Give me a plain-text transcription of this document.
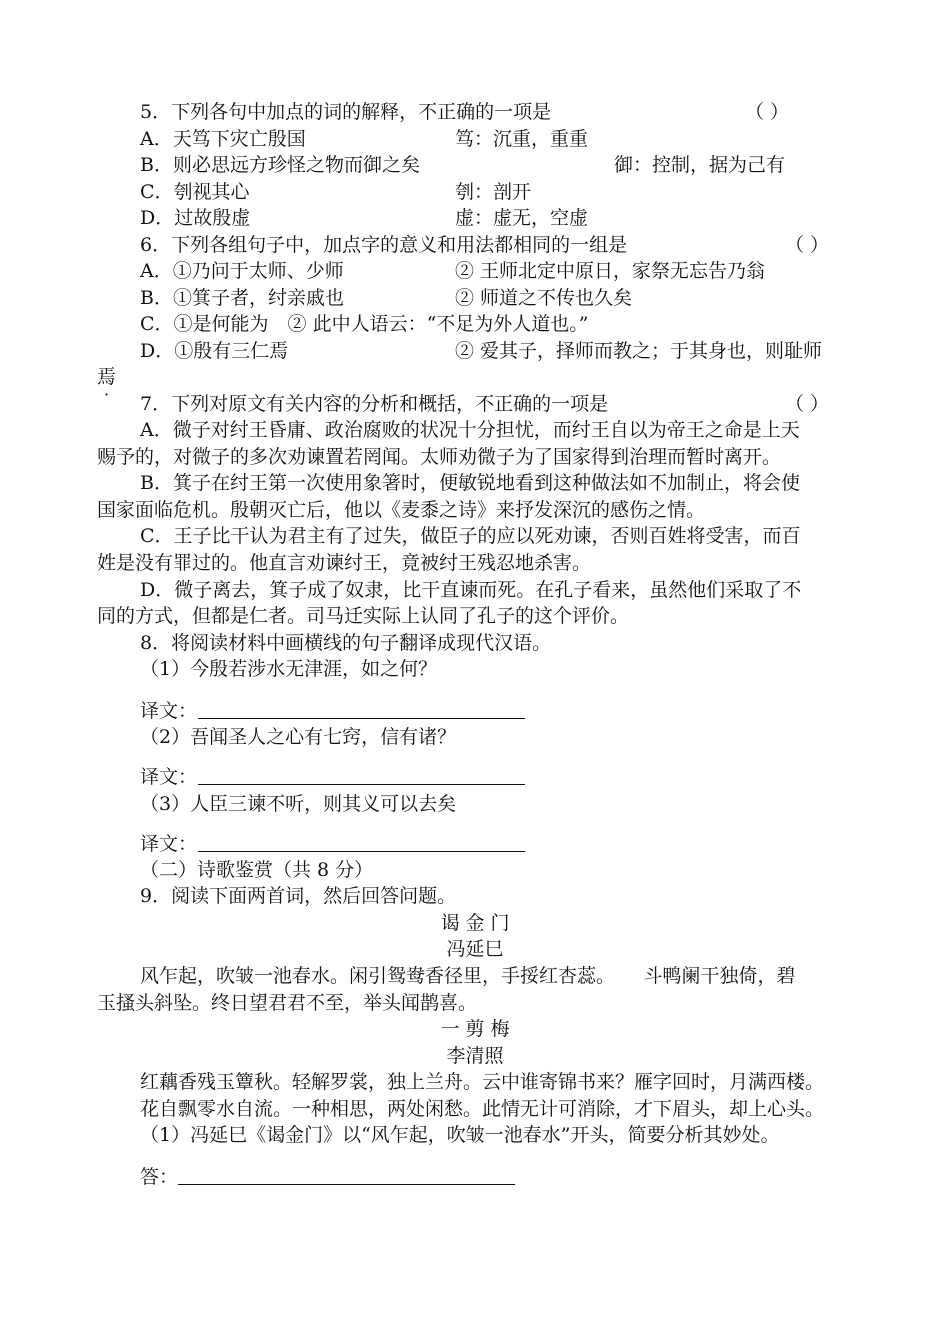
5．下列各句中加点的词的解释，不正确的一项是	（ ）
A．天笃下灾亡殷国	笃：沉重，重重
B．则必思远方珍怪之物而御之矣	御：控制，据为己有
C．刳视其心	刳：剖开
D．过故殷虚	虚：虚无，空虚
6．下列各组句子中，加点字的意义和用法都相同的一组是	（ ）
A．①乃问于太师、少师	② 王师北定中原日，家祭无忘告乃翁
B．①箕子者，纣亲戚也	② 师道之不传也久矣
C．①是何能为　② 此中人语云：“不足为外人道也。”
D．①殷有三仁焉	② 爱其子，择师而教之；于其身也，则耻师
焉
7．下列对原文有关内容的分析和概括，不正确的一项是	（ ）
A．微子对纣王昏庸、政治腐败的状况十分担忧，而纣王自以为帝王之命是上天
赐予的，对微子的多次劝谏置若罔闻。太师劝微子为了国家得到治理而暂时离开。
B．箕子在纣王第一次使用象箸时，便敏锐地看到这种做法如不加制止，将会使
国家面临危机。殷朝灭亡后，他以《麦黍之诗》来抒发深沉的感伤之情。
C．王子比干认为君主有了过失，做臣子的应以死劝谏，否则百姓将受害，而百
姓是没有罪过的。他直言劝谏纣王，竟被纣王残忍地杀害。
D．微子离去，箕子成了奴隶，比干直谏而死。在孔子看来，虽然他们采取了不
同的方式，但都是仁者。司马迁实际上认同了孔子的这个评价。
8．将阅读材料中画横线的句子翻译成现代汉语。
（1）今殷若涉水无津涯，如之何？
译文：
（2）吾闻圣人之心有七窍，信有诸？
译文：
（3）人臣三谏不听，则其义可以去矣
译文：
（二）诗歌鉴赏（共 8 分）
9．阅读下面两首词，然后回答问题。
谒 金 门
冯延巳
风乍起，吹皱一池春水。闲引鸳鸯香径里，手挼红杏蕊。　　斗鸭阑干独倚，碧
玉搔头斜坠。终日望君君不至，举头闻鹊喜。
一 剪 梅
李清照
红藕香残玉簟秋。轻解罗裳，独上兰舟。云中谁寄锦书来？雁字回时，月满西楼。
花自飘零水自流。一种相思，两处闲愁。此情无计可消除，才下眉头，却上心头。
（1）冯延巳《谒金门》以“风乍起，吹皱一池春水”开头，简要分析其妙处。
答：
